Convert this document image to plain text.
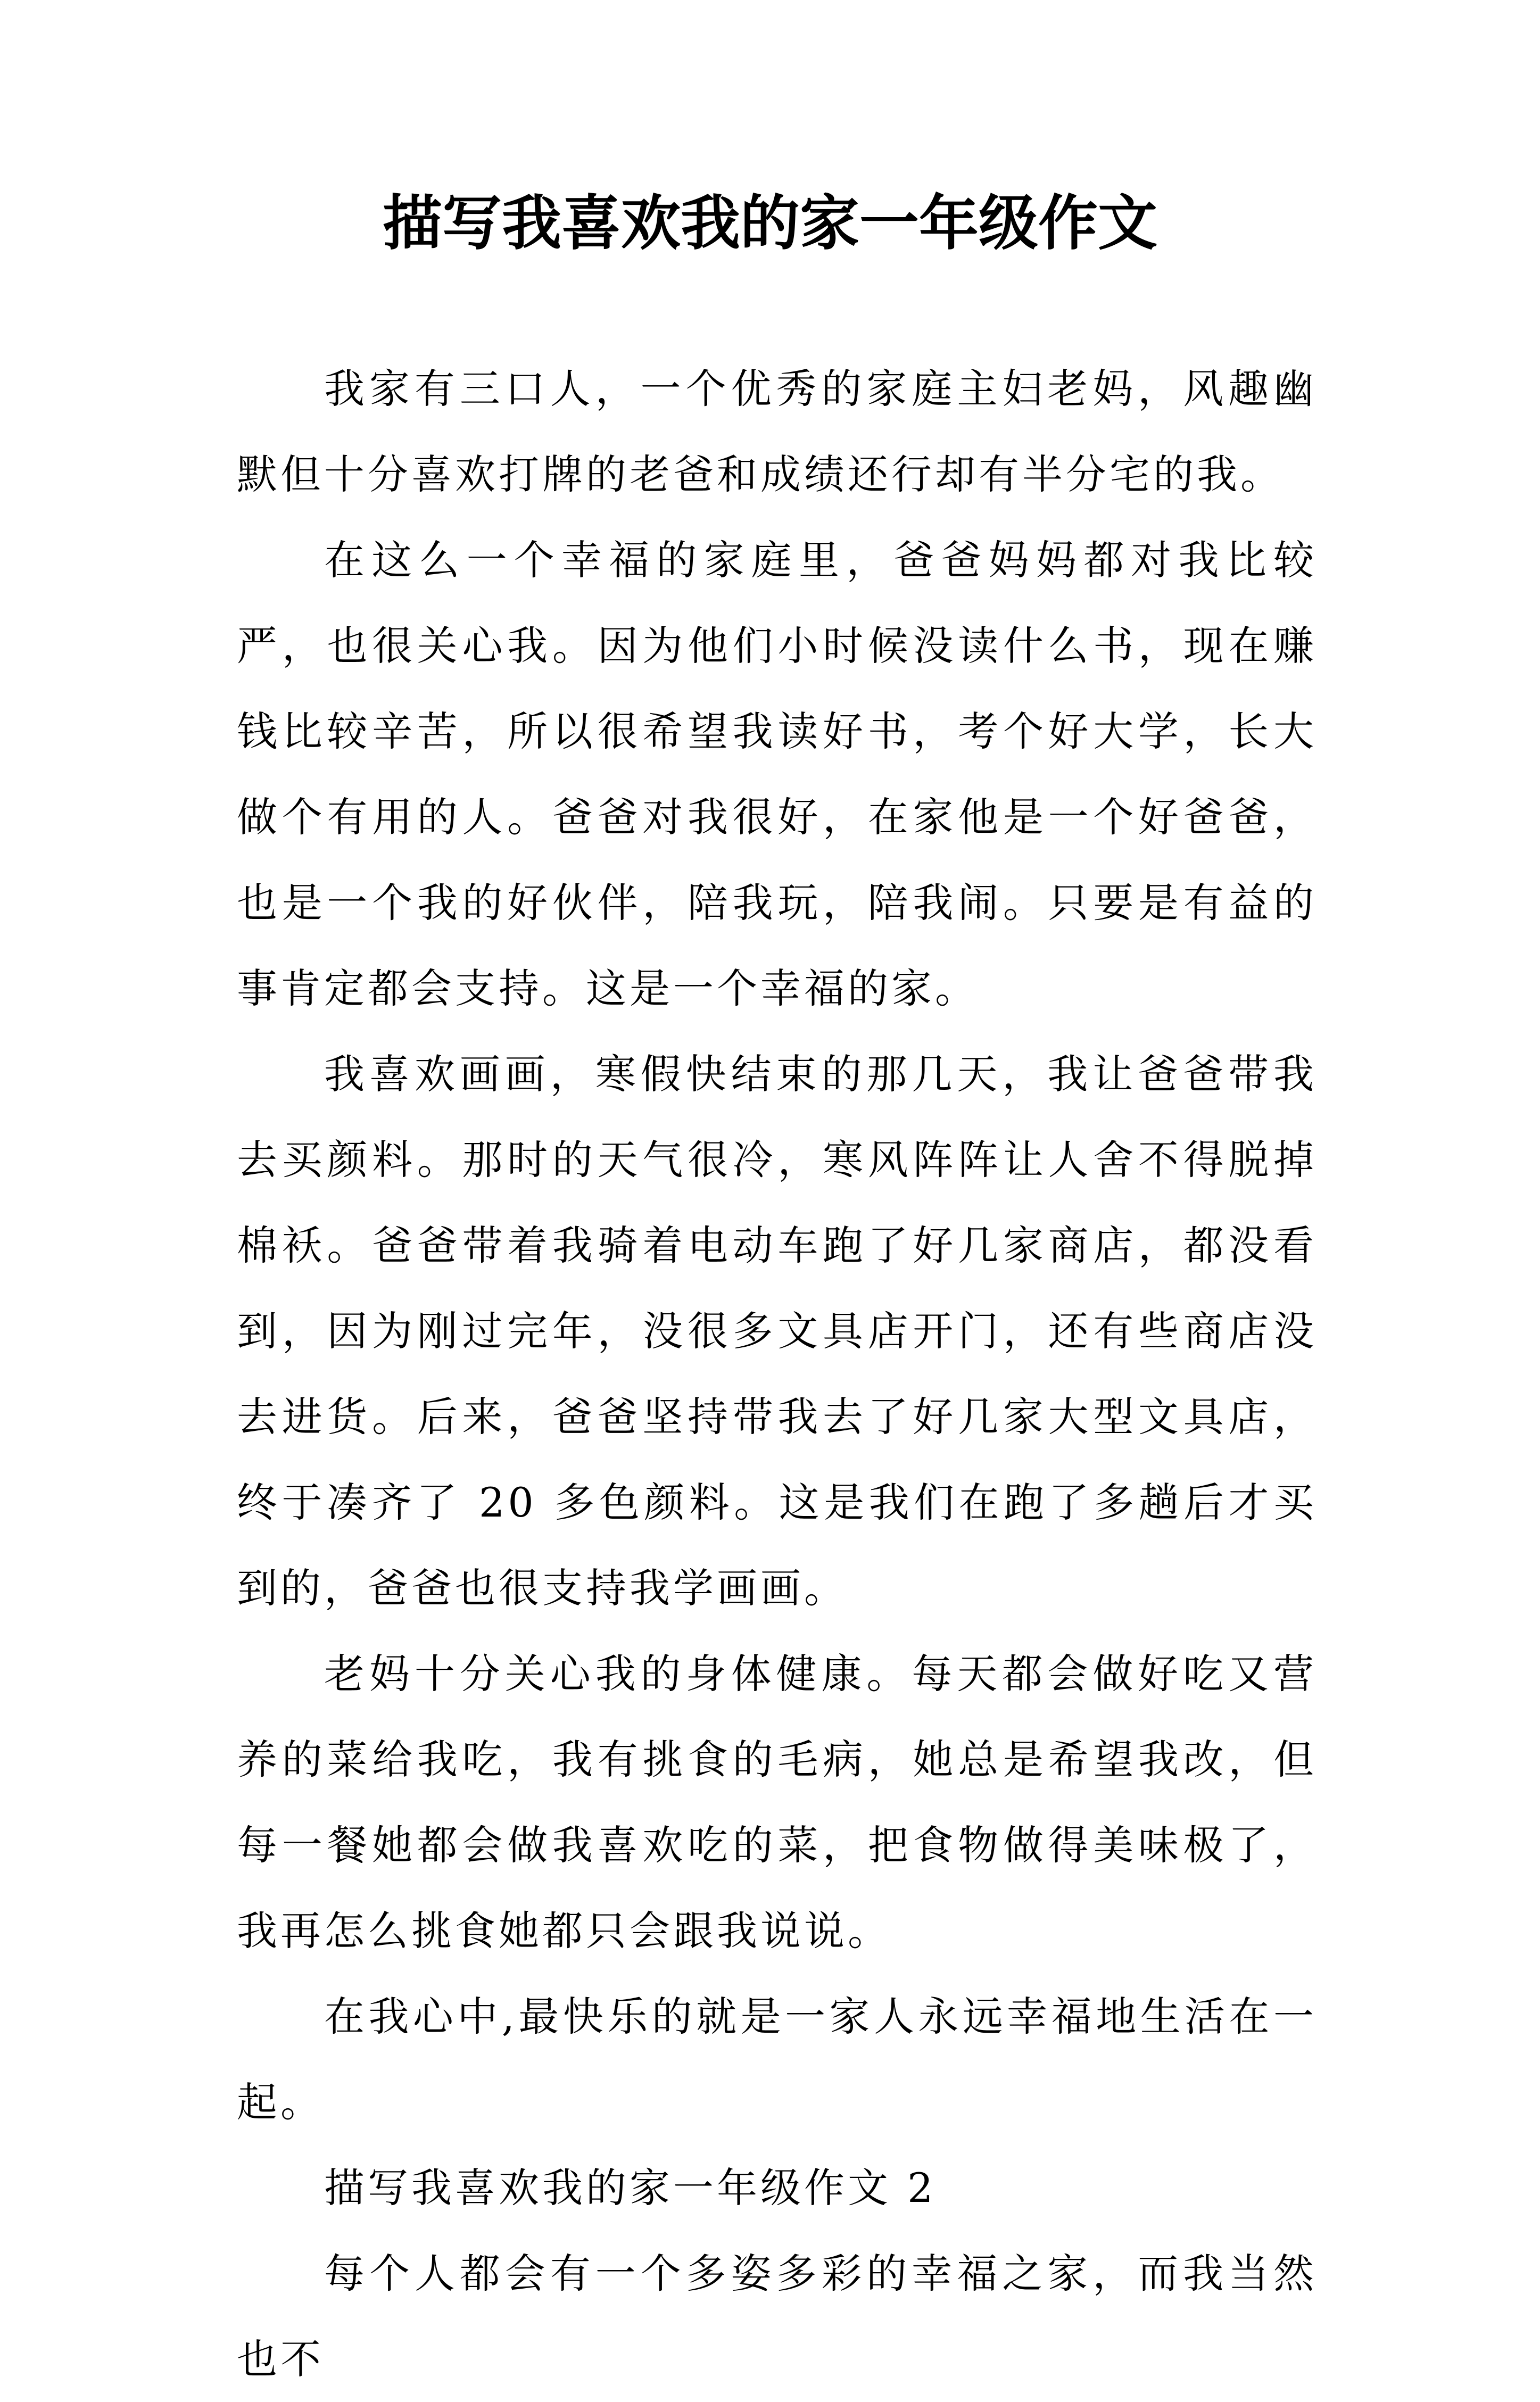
描写我喜欢我的家一年级作文

我家有三口人，一个优秀的家庭主妇老妈，风趣幽默但十分喜欢打牌的老爸和成绩还行却有半分宅的我。

在这么一个幸福的家庭里，爸爸妈妈都对我比较严，也很关心我。因为他们小时候没读什么书，现在赚钱比较辛苦，所以很希望我读好书，考个好大学，长大做个有用的人。爸爸对我很好，在家他是一个好爸爸，也是一个我的好伙伴，陪我玩，陪我闹。只要是有益的事肯定都会支持。这是一个幸福的家。

我喜欢画画，寒假快结束的那几天，我让爸爸带我去买颜料。那时的天气很冷，寒风阵阵让人舍不得脱掉棉袄。爸爸带着我骑着电动车跑了好几家商店，都没看到，因为刚过完年，没很多文具店开门，还有些商店没去进货。后来，爸爸坚持带我去了好几家大型文具店，终于凑齐了 20 多色颜料。这是我们在跑了多趟后才买到的，爸爸也很支持我学画画。

老妈十分关心我的身体健康。每天都会做好吃又营养的菜给我吃，我有挑食的毛病，她总是希望我改，但每一餐她都会做我喜欢吃的菜，把食物做得美味极了，我再怎么挑食她都只会跟我说说。

在我心中,最快乐的就是一家人永远幸福地生活在一起。

描写我喜欢我的家一年级作文 2

每个人都会有一个多姿多彩的幸福之家，而我当然也不
